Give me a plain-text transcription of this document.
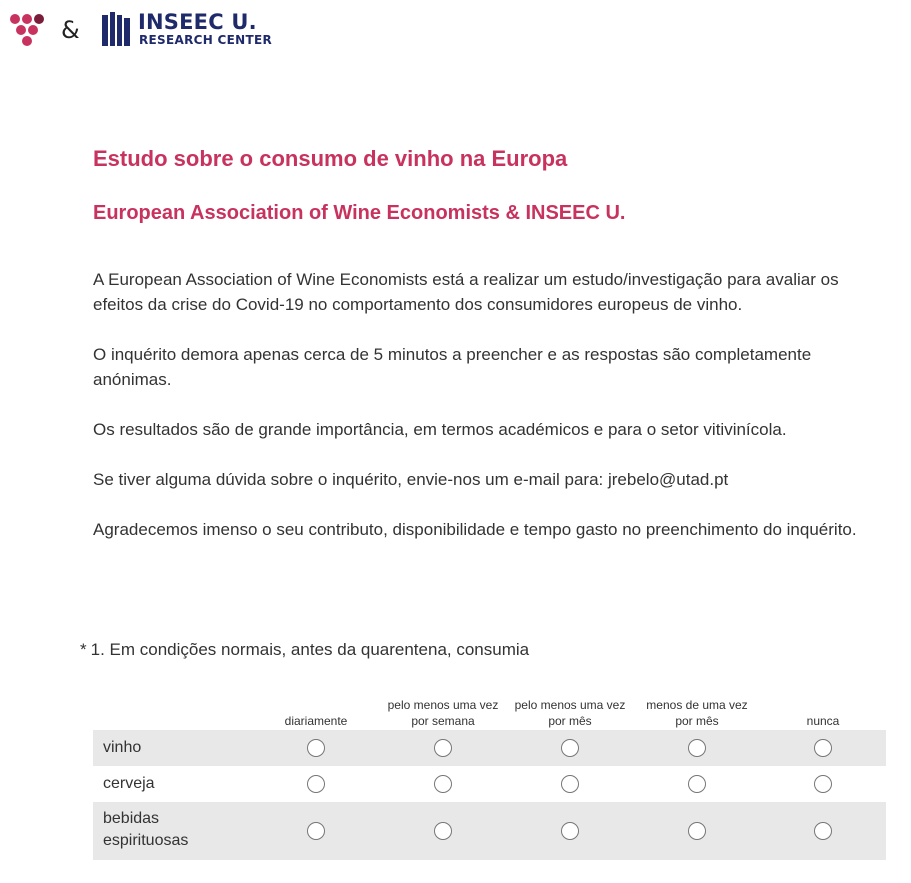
&	INSEEC U.
RESEARCH CENTER
Estudo sobre o consumo de vinho na Europa
European Association of Wine Economists & INSEEC U.

A European Association of Wine Economists está a realizar um estudo/investigação para avaliar os efeitos da crise do Covid-19 no comportamento dos consumidores europeus de vinho.

O inquérito demora apenas cerca de 5 minutos a preencher e as respostas são completamente anónimas.

Os resultados são de grande importância, em termos académicos e para o setor vitivinícola.

Se tiver alguma dúvida sobre o inquérito, envie-nos um e-mail para: jrebelo@utad.pt

Agradecemos imenso o seu contributo, disponibilidade e tempo gasto no preenchimento do inquérito.

* 1. Em condições normais, antes da quarentena, consumia
diariamente
pelo menos uma vez por semana
pelo menos uma vez por mês
menos de uma vez por mês	nunca
vinho
cerveja
bebidas espirituosas
